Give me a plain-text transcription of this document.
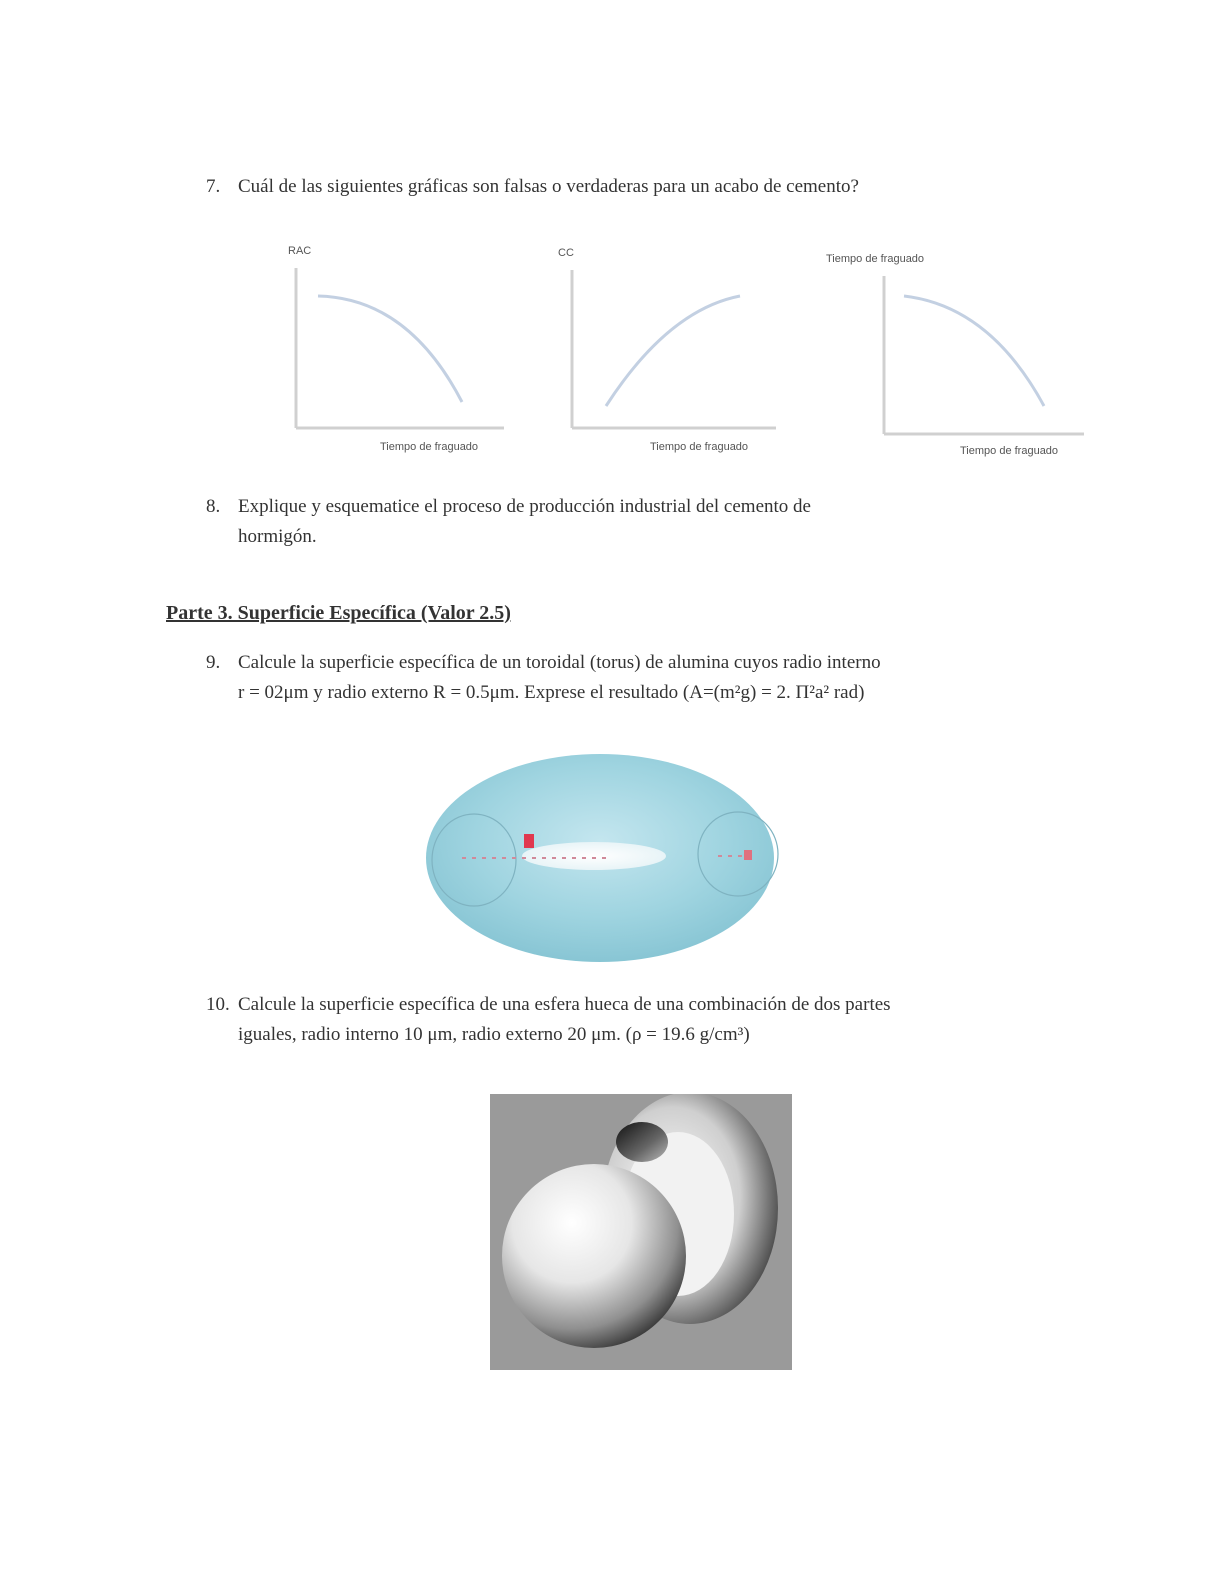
7. Cuál de las siguientes gráficas son falsas o verdaderas para un acabo de cemento?
RAC
Tiempo de fraguado
CC
Tiempo de fraguado
Tiempo de fraguado
Tiempo de fraguado
8. Explique y esquematice el proceso de producción industrial del cemento de
hormigón.
Parte 3. Superficie Específica (Valor 2.5)
9. Calcule la superficie específica de un toroidal (torus) de alumina cuyos radio interno
r = 02μm y radio externo R = 0.5μm. Exprese el resultado (A=(m²g) = 2. Π²a² rad)
10. Calcule la superficie específica de una esfera hueca de una combinación de dos partes
iguales, radio interno 10 μm, radio externo 20 μm. (ρ = 19.6 g/cm³)
